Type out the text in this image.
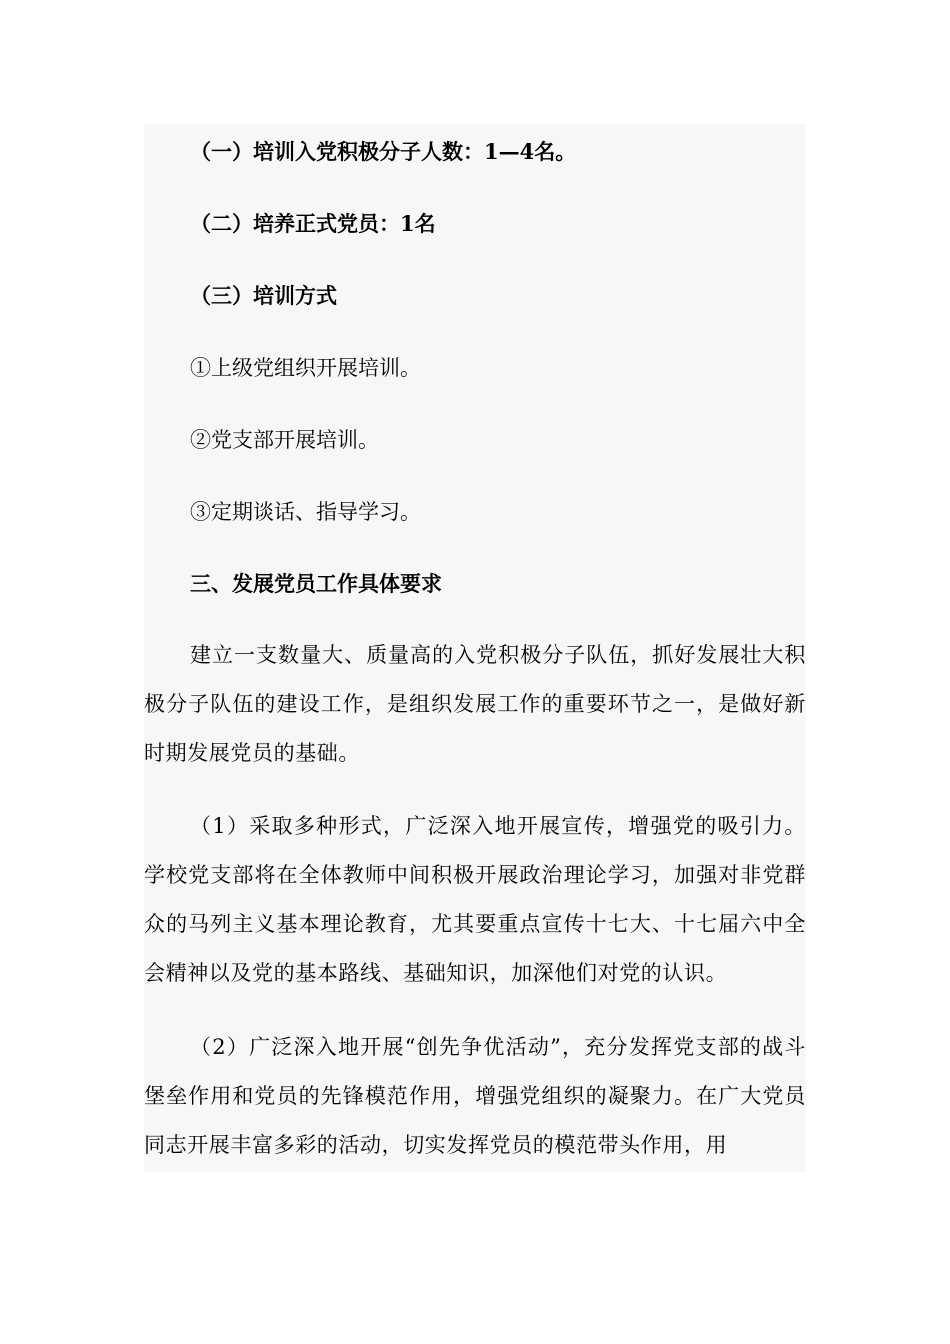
（一）培训入党积极分子人数：1—4名。
（二）培养正式党员：1名
（三）培训方式
①上级党组织开展培训。
②党支部开展培训。
③定期谈话、指导学习。
三、发展党员工作具体要求
建立一支数量大、质量高的入党积极分子队伍，抓好发展壮大积极分子队伍的建设工作，是组织发展工作的重要环节之一，是做好新时期发展党员的基础。
（1）采取多种形式，广泛深入地开展宣传，增强党的吸引力。学校党支部将在全体教师中间积极开展政治理论学习，加强对非党群众的马列主义基本理论教育，尤其要重点宣传十七大、十七届六中全会精神以及党的基本路线、基础知识，加深他们对党的认识。
（2）广泛深入地开展“创先争优活动”，充分发挥党支部的战斗堡垒作用和党员的先锋模范作用，增强党组织的凝聚力。在广大党员同志开展丰富多彩的活动，切实发挥党员的模范带头作用，用
